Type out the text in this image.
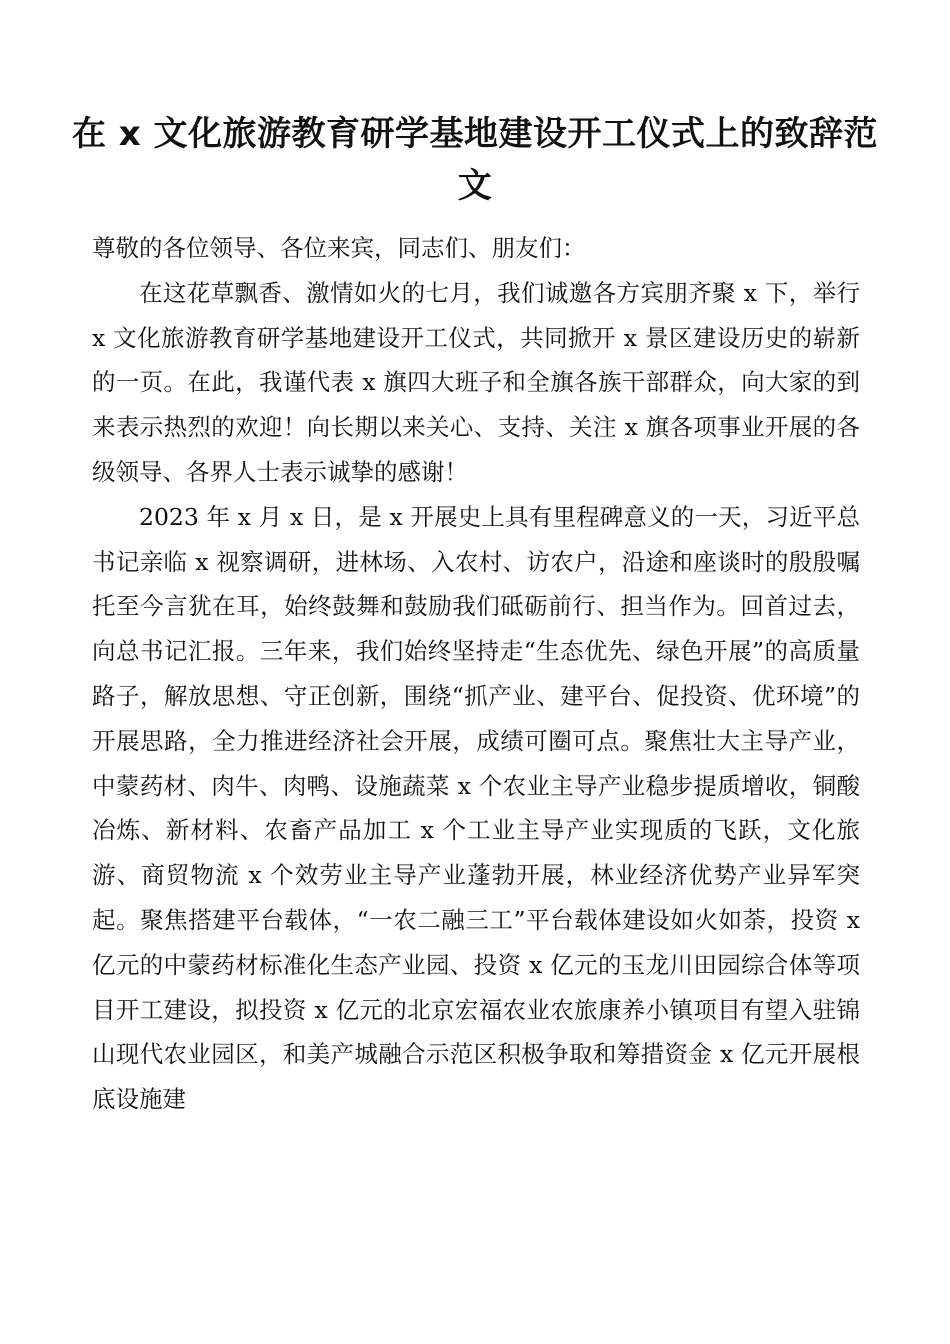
在 x 文化旅游教育研学基地建设开工仪式上的致辞范文

尊敬的各位领导、各位来宾，同志们、朋友们：

在这花草飘香、激情如火的七月，我们诚邀各方宾朋齐聚 x 下，举行 x 文化旅游教育研学基地建设开工仪式，共同掀开 x 景区建设历史的崭新的一页。在此，我谨代表 x 旗四大班子和全旗各族干部群众，向大家的到来表示热烈的欢迎！向长期以来关心、支持、关注 x 旗各项事业开展的各级领导、各界人士表示诚挚的感谢！

2023 年 x 月 x 日，是 x 开展史上具有里程碑意义的一天，习近平总书记亲临 x 视察调研，进林场、入农村、访农户，沿途和座谈时的殷殷嘱托至今言犹在耳，始终鼓舞和鼓励我们砥砺前行、担当作为。回首过去，向总书记汇报。三年来，我们始终坚持走“生态优先、绿色开展”的高质量路子，解放思想、守正创新，围绕“抓产业、建平台、促投资、优环境”的开展思路，全力推进经济社会开展，成绩可圈可点。聚焦壮大主导产业，中蒙药材、肉牛、肉鸭、设施蔬菜 x 个农业主导产业稳步提质增收，铜酸冶炼、新材料、农畜产品加工 x 个工业主导产业实现质的飞跃，文化旅游、商贸物流 x 个效劳业主导产业蓬勃开展，林业经济优势产业异军突起。聚焦搭建平台载体，“一农二融三工”平台载体建设如火如荼，投资 x 亿元的中蒙药材标准化生态产业园、投资 x 亿元的玉龙川田园综合体等项目开工建设，拟投资 x 亿元的北京宏福农业农旅康养小镇项目有望入驻锦山现代农业园区，和美产城融合示范区积极争取和筹措资金 x 亿元开展根底设施建
